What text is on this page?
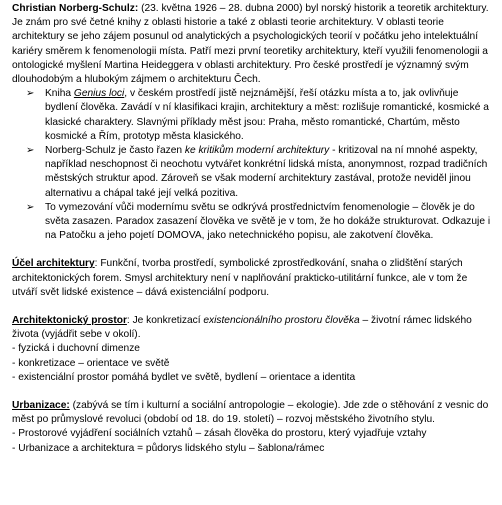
Christian Norberg-Schulz: (23. května 1926 – 28. dubna 2000) byl norský historik a teoretik architektury. Je znám pro své četné knihy z oblasti historie a také z oblasti teorie architektury. V oblasti teorie architektury se jeho zájem posunul od analytických a psychologických teorií v počátku jeho intelektuální kariéry směrem k fenomenologii místa. Patří mezi první teoretiky architektury, kteří využili fenomenologii a ontologické myšlení Martina Heideggera v oblasti architektury. Pro české prostředí je významný svým dlouhodobým a hlubokým zájmem o architekturu Čech.

➢ Kniha Genius loci, v českém prostředí jistě nejznámější, řeší otázku místa a to, jak ovlivňuje bydlení člověka. Zavádí v ní klasifikaci krajin, architektury a měst: rozlišuje romantické, kosmické a klasické charaktery. Slavnými příklady měst jsou: Praha, město romantické, Chartúm, město kosmické a Řím, prototyp města klasického.
➢ Norberg-Schulz je často řazen ke kritikům moderní architektury - kritizoval na ní mnohé aspekty, například neschopnost či neochotu vytvářet konkrétní lidská místa, anonymnost, rozpad tradičních městských struktur apod. Zároveň se však moderní architektury zastával, protože neviděl jinou alternativu a chápal také její velká pozitiva.
➢ To vymezování vůči modernímu světu se odkrývá prostřednictvím fenomenologie – člověk je do světa zasazen. Paradox zasazení člověka ve světě je v tom, že ho dokáže strukturovat. Odkazuje i na Patočku a jeho pojetí DOMOVA, jako netechnického popisu, ale zakotvení člověka.

Účel architektury: Funkční, tvorba prostředí, symbolické zprostředkování, snaha o zlidštění starých architektonických forem. Smysl architektury není v naplňování prakticko-utilitární funkce, ale v tom že utváří svět lidské existence – dává existenciální podporu.

Architektonický prostor: Je konkretizací existencionálního prostoru člověka – životní rámec lidského života (vyjádřit sebe v okolí).

- fyzická i duchovní dimenze

- konkretizace – orientace ve světě

- existenciální prostor pomáhá bydlet ve světě, bydlení – orientace a identita

Urbanizace: (zabývá se tím i kulturní a sociální antropologie – ekologie). Jde zde o stěhování z vesnic do měst po průmyslové revoluci (období od 18. do 19. století) – rozvoj městského životního stylu.

- Prostorové vyjádření sociálních vztahů – zásah člověka do prostoru, který vyjadřuje vztahy

- Urbanizace a architektura = půdorys lidského stylu – šablona/rámec
